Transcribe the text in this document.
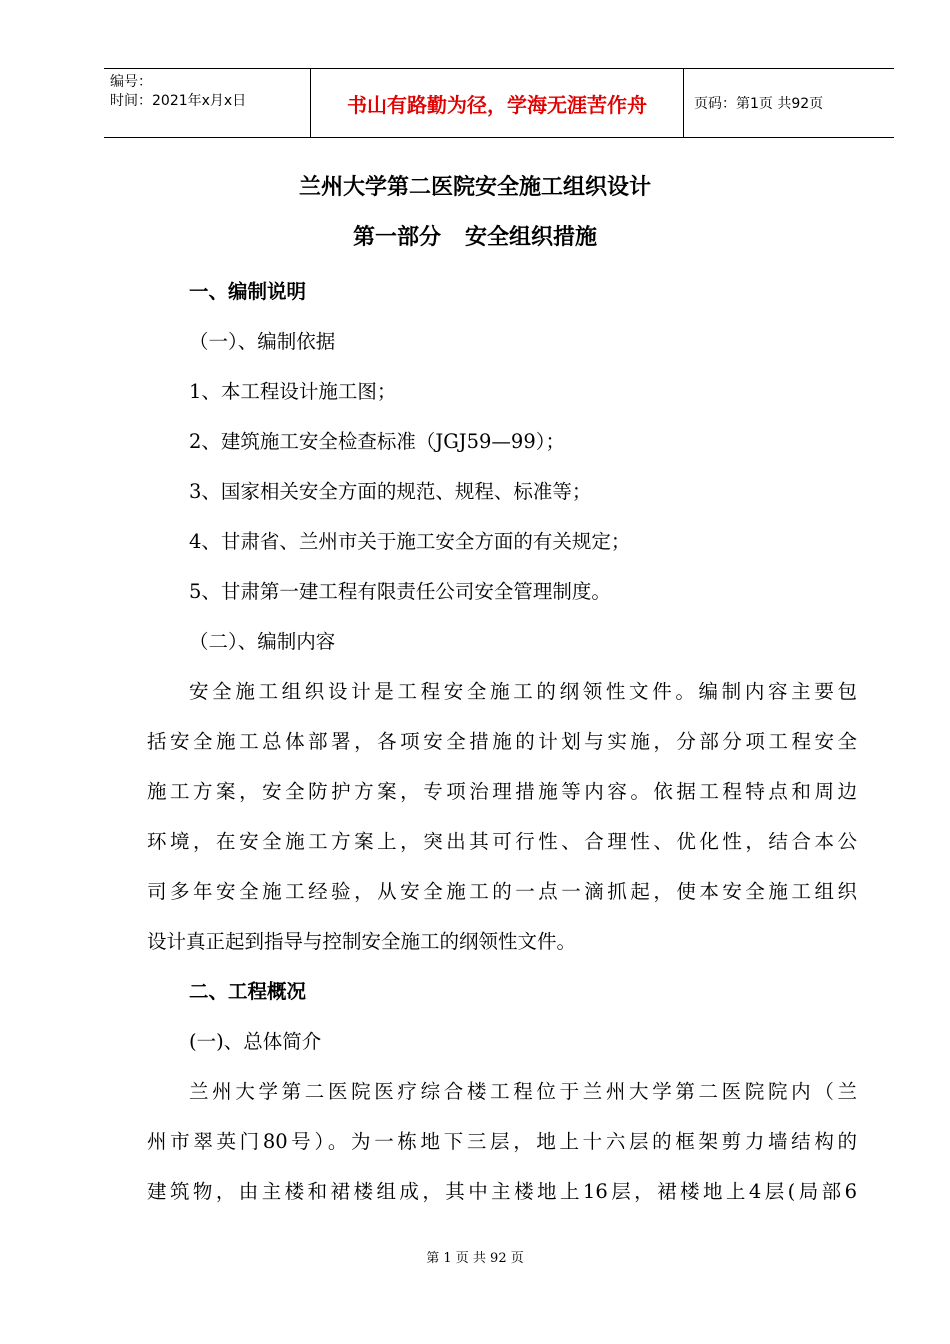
编号：
时间：2021年x月x日	书山有路勤为径，学海无涯苦作舟	页码：第1页 共92页
兰州大学第二医院安全施工组织设计
第一部分 安全组织措施
一、编制说明
（一）、编制依据
1、本工程设计施工图；
2、建筑施工安全检查标准（JGJ59—99）；
3、国家相关安全方面的规范、规程、标准等；
4、甘肃省、兰州市关于施工安全方面的有关规定；
5、甘肃第一建工程有限责任公司安全管理制度。
（二）、编制内容
安全施工组织设计是工程安全施工的纲领性文件。编制内容主要包
括安全施工总体部署，各项安全措施的计划与实施，分部分项工程安全
施工方案，安全防护方案，专项治理措施等内容。依据工程特点和周边
环境，在安全施工方案上，突出其可行性、合理性、优化性，结合本公
司多年安全施工经验，从安全施工的一点一滴抓起，使本安全施工组织
设计真正起到指导与控制安全施工的纲领性文件。
二、工程概况
(一)、总体简介
兰州大学第二医院医疗综合楼工程位于兰州大学第二医院院内（兰
州市翠英门80号）。为一栋地下三层，地上十六层的框架剪力墙结构的
建筑物，由主楼和裙楼组成，其中主楼地上16层，裙楼地上4层(局部6
第 1 页 共 92 页
